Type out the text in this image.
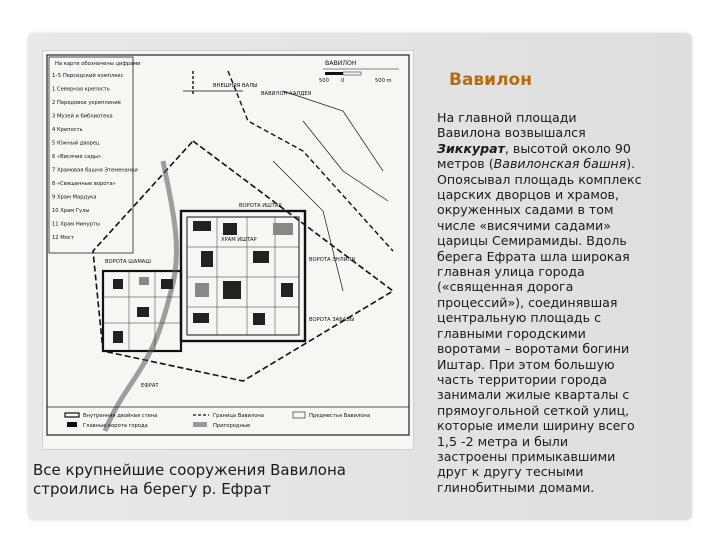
На карте обозначены цифрами
1–5 Персидский комплекс
1 Северная крепость
2 Передовое укрепление
3 Музей и библиотека
4 Крепость
5 Южный дворец
6 «Висячие сады»
7 Храмовая башня Этеменанки
8 «Священные ворота»
9 Храм Мардука
10 Храм Гулы
11 Храм Нинурты
12 Мост
ВАВИЛОН
500 0	500 m
ВНЕШНЯЯ ВАЛЫ
ВАВИЛОН-ХАЛДЕЯ
ЕФРАТ
ВОРОТА ИШТАР
ВОРОТА ЭНЛИЛЯ
ВОРОТА ЗАБАБЫ
ВОРОТА ШАМАШ
ХРАМ ИШТАР
Внутренняя двойная стена
Главные ворота города
Граница Вавилона
Пригородные
Предместья Вавилона
Все крупнейшие сооружения Вавилона
строились на берегу р. Ефрат
Вавилон
На главной площади
Вавилона возвышался
Зиккурат, высотой около 90
метров (Вавилонская башня).
Опоясывал площадь комплекс
царских дворцов и храмов,
окруженных садами в том
числе «висячими садами»
царицы Семирамиды. Вдоль
берега Ефрата шла широкая
главная улица города
(«священная дорога
процессий»), соединявшая
центральную площадь с
главными городскими
воротами – воротами богини
Иштар. При этом большую
часть территории города
занимали жилые кварталы с
прямоугольной сеткой улиц,
которые имели ширину всего
1,5 -2 метра и были
застроены примыкавшими
друг к другу тесными
глинобитными домами.
